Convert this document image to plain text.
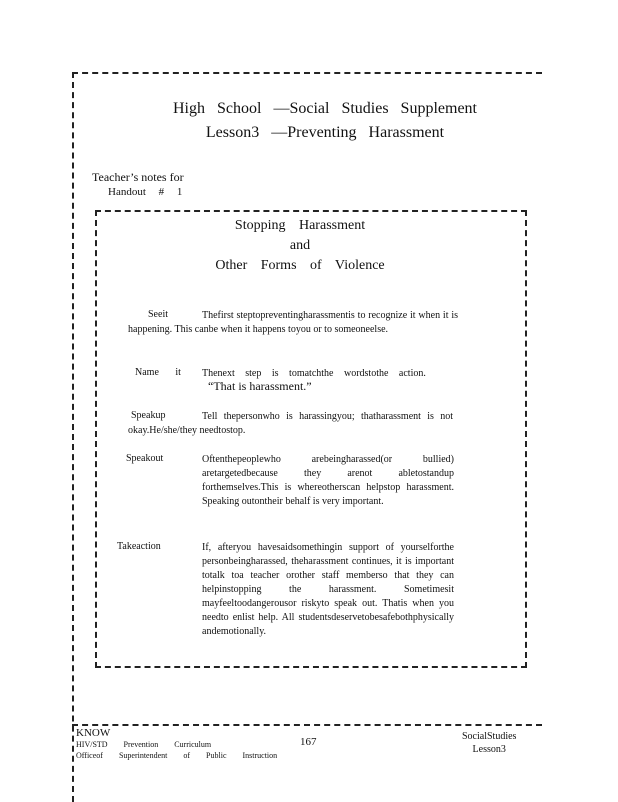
High School —Social Studies Supplement
Lesson3 —Preventing Harassment
Teacher’s notes for
Handout # 1
Stopping Harassment
and
Other Forms of Violence
Seeit	Thefirst steptopreventingharassmentis to recognize it when it is happening. This canbe when it happens toyou or to someoneelse.
Name it Thenext step is tomatchthe wordstothe action.
“That is harassment.”
Speakup	Tell thepersonwho is harassingyou; thatharassment is not okay.He/she/they needtostop.
Speakout	Oftenthepeoplewho arebeingharassed(or bullied) aretargetedbecause they arenot abletostandup forthemselves.This is whereotherscan helpstop harassment. Speaking outontheir behalf is very important.
Takeaction	If, afteryou havesaidsomethingin support of yourselforthe personbeingharassed, theharassment continues, it is important totalk toa teacher orother staff memberso that they can helpinstopping the harassment. Sometimesit mayfeeltoodangerousor riskyto speak out. Thatis when you needto enlist help. All studentsdeservetobesafebothphysically andemotionally.
KNOW
HIV/STD Prevention Curriculum
Officeof Superintendent of Public Instruction
167	SocialStudies
Lesson3
